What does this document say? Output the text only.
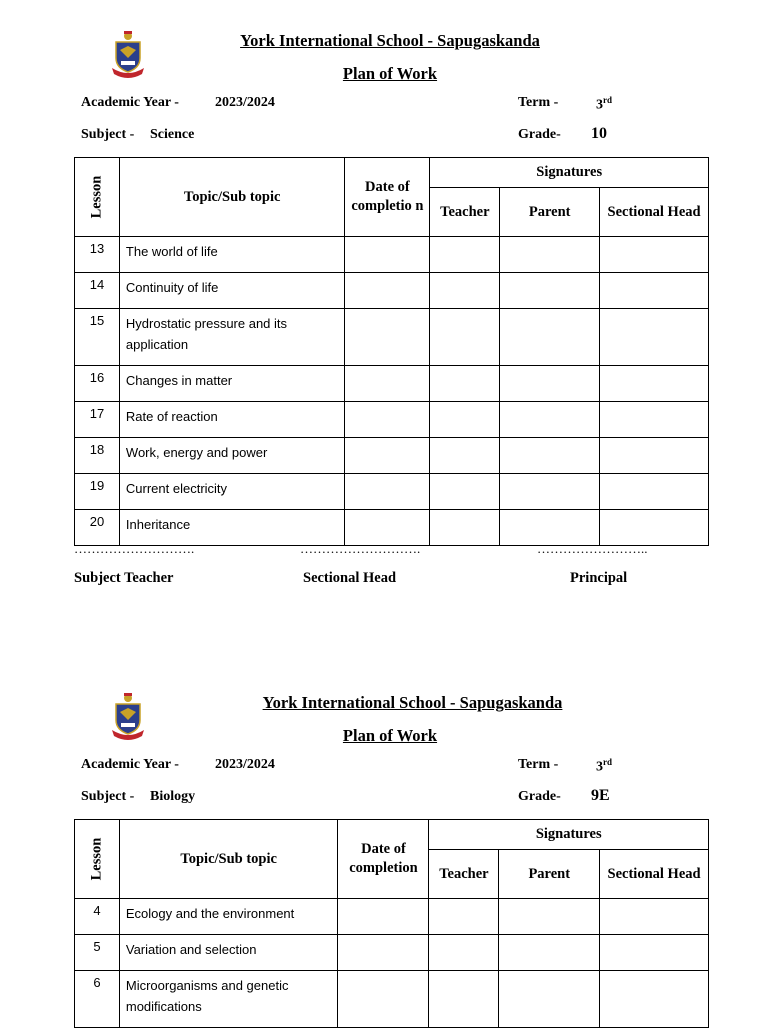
York International School - Sapugaskanda
Plan of Work
Academic Year -	2023/2024	Term -	3rd
Subject - Science	Grade- 10
Lesson	Topic/Sub topic	Date of completio n	Signatures		
			Teacher	Parent	Sectional Head
13	The world of life				
14	Continuity of life				
15	Hydrostatic pressure and its application				
16	Changes in matter				
17	Rate of reaction				
18	Work, energy and power				
19	Current electricity				
20	Inheritance				
……………………….	……………………….	……………………..
Subject Teacher	Sectional Head	Principal
York International School - Sapugaskanda
Plan of Work
Academic Year -	2023/2024	Term -	3rd
Subject - Biology	Grade- 9E
Lesson	Topic/Sub topic	Date of completion	Signatures		
			Teacher	Parent	Sectional Head
4	Ecology and the environment				
5	Variation and selection				
6	Microorganisms and genetic modifications				
